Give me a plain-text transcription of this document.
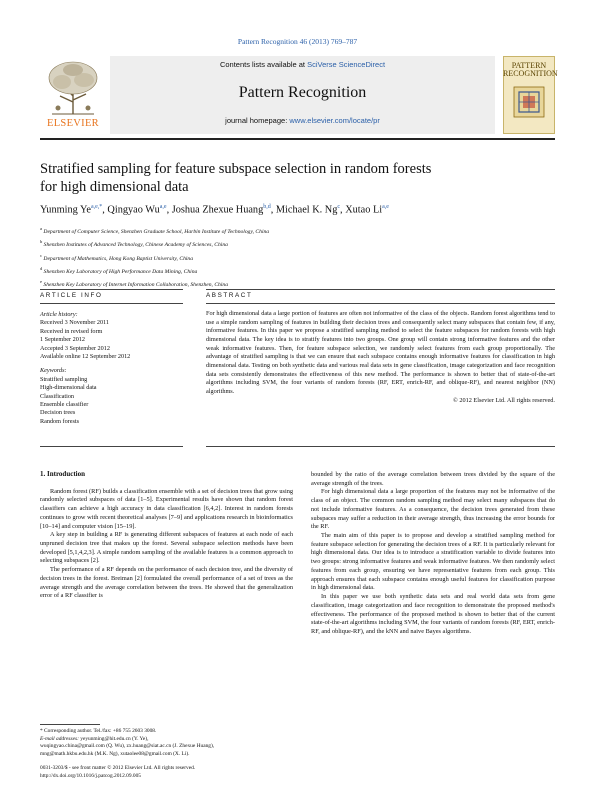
Pattern Recognition 46 (2013) 769–787
ELSEVIER
Contents lists available at SciVerse ScienceDirect
Pattern Recognition
journal homepage: www.elsevier.com/locate/pr
PATTERN
RECOGNITION
Stratified sampling for feature subspace selection in random forests
for high dimensional data
Yunming $Ye^{a,e,*}$, Qingyao Wu$^{a,e}$, Joshua Zhexue Huang$^{b,d}$, Michael K. Ng$^c$, Xutao Li$^{a,e}$
$^a$ Department of Computer Science, Shenzhen Graduate School, Harbin Institute of Technology, China
$^b$ Shenzhen Institutes of Advanced Technology, Chinese Academy of Sciences, China
$^c$ Department of Mathematics, Hong Kong Baptist University, China
$^d$ Shenzhen Key Laboratory of High Performance Data Mining, China
$^e$ Shenzhen Key Laboratory of Internet Information Collaboration, Shenzhen, China
ARTICLE INFO	ABSTRACT
Article history:
Received 3 November 2011
Received in revised form
1 September 2012
Accepted 3 September 2012
Available online 12 September 2012
Keywords:
Stratified sampling
High-dimensional data
Classification
Ensemble classifier
Decision trees
Random forests
For high dimensional data a large portion of features are often not informative of the class of the objects. Random forest algorithms tend to use a simple random sampling of features in building their decision trees and consequently select many subspaces that contain few, if any, informative features. In this paper we propose a stratified sampling method to select the feature subspaces for random forests with high dimensional data. The key idea is to stratify features into two groups. One group will contain strong informative features and the other weak informative features. Then, for feature subspace selection, we randomly select features from each group proportionally. The advantage of stratified sampling is that we can ensure that each subspace contains enough informative features for classification in high dimensional data. Testing on both synthetic data and various real data sets in gene classification, image categorization and face recognition data sets consistently demonstrates the effectiveness of this new method. The performance is shown to better that of state-of-the-art algorithms including SVM, the four variants of random forests (RF, ERT, enrich-RF, and oblique-RF), and nearest neighbor (NN) algorithms.
© 2012 Elsevier Ltd. All rights reserved.
1. Introduction

Random forest (RF) builds a classification ensemble with a set of decision trees that grow using randomly selected subspaces of data [1–5]. Experimental results have shown that random forest classifiers can achieve a high accuracy in data classification [6,4,2]. Interest in random forests continues to grow with recent theoretical analyses [7–9] and applications research in bioinformatics [10–14] and computer vision [15–19].

A key step in building a RF is generating different subspaces of features at each node of each unpruned decision tree that makes up the forest. Several subspace selection methods have been developed [5,1,4,2,3]. A simple random sampling of the available features is a common approach to selecting subspaces [2].

The performance of a RF depends on the performance of each decision tree, and the diversity of decision trees in the forest. Breiman [2] formulated the overall performance of a set of trees as the average strength and the average correlation between the trees. He showed that the generalization error of a RF classifier is

bounded by the ratio of the average correlation between trees divided by the square of the average strength of the trees.

For high dimensional data a large proportion of the features may not be informative of the class of an object. The common random sampling method may select many subspaces that do not include informative features. As a consequence, the decision trees generated from these subspaces may suffer a reduction in their average strength, thus increasing the error bounds for the RF.

The main aim of this paper is to propose and develop a stratified sampling method for feature subspace selection for generating the decision trees of a RF. It is particularly relevant for high dimensional data. Our idea is to introduce a stratification variable to divide features into two groups: strong informative features and weak informative features. We then randomly select features from each group, ensuring we have representative features from each group. This approach ensures that each subspace contains enough useful features for classification purpose in high dimensional data.

In this paper we use both synthetic data sets and real world data sets from gene classification, image categorization and face recognition to demonstrate the proposed method's effectiveness. The performance of the proposed method is shown to better that of the current state-of-the-art algorithms including SVM, the four variants of random forests (RF, ERT, enrich-RF, and oblique-RF), and the kNN and naive Bayes algorithms.

* Corresponding author. Tel./fax: +86 755 2603 3008.
E-mail addresses: yeyunming@hit.edu.cn (Y. Ye),
wuqingyao.china@gmail.com (Q. Wu), zx.huang@siat.ac.cn (J. Zhexue Huang),
mng@math.hkbu.edu.hk (M.K. Ng), xutaolee08@gmail.com (X. Li).
0031-3203/$ - see front matter © 2012 Elsevier Ltd. All rights reserved.
http://dx.doi.org/10.1016/j.patcog.2012.09.005
